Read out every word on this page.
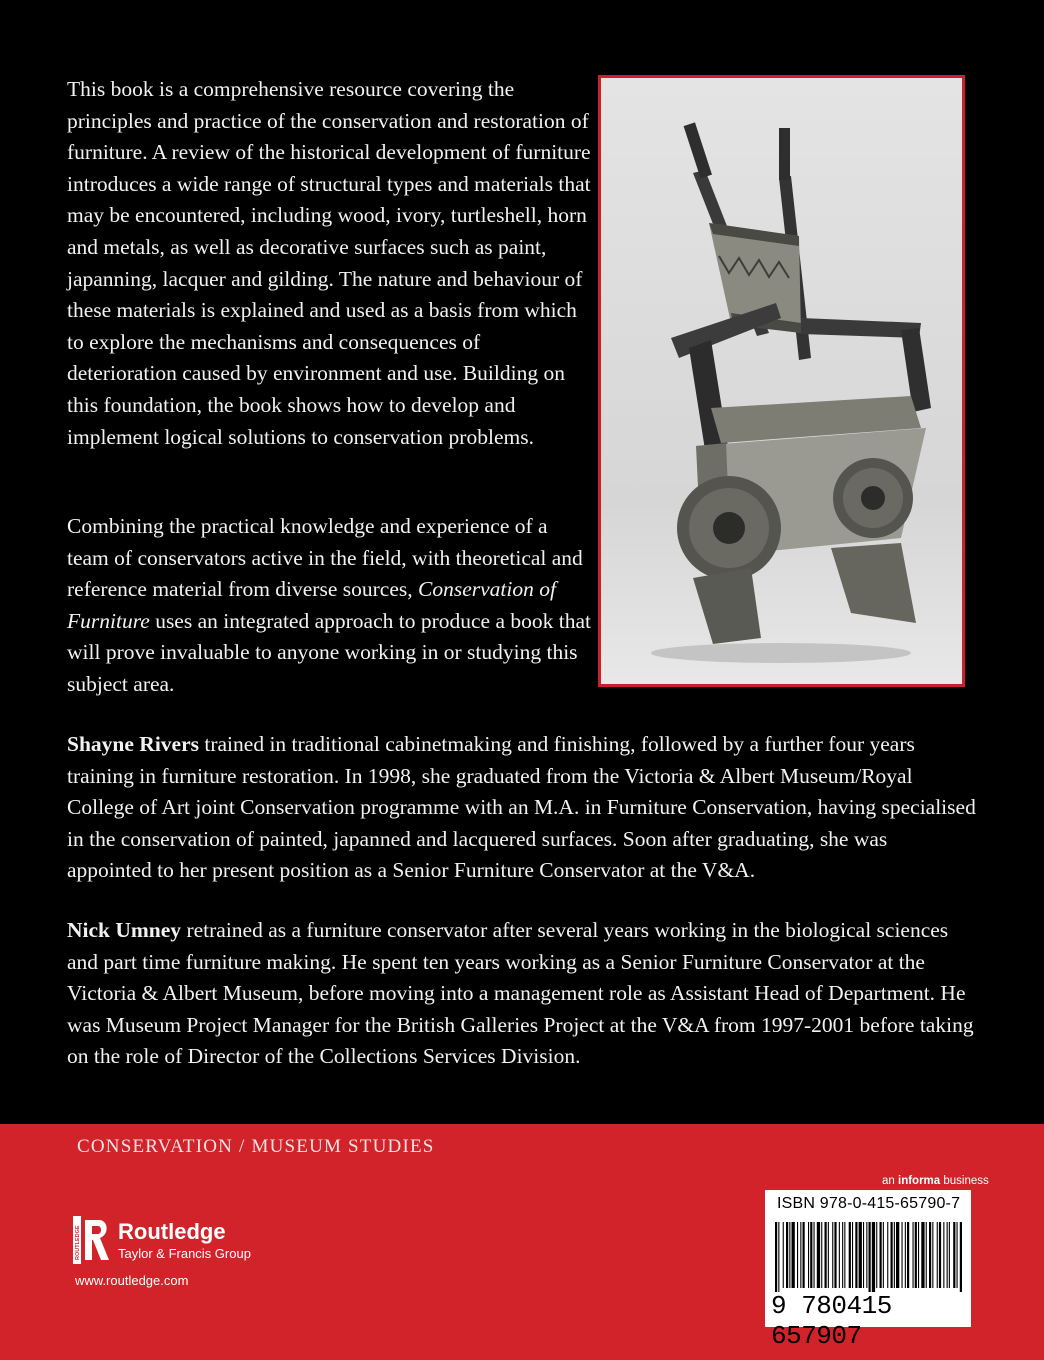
This book is a comprehensive resource covering the principles and practice of the conservation and restoration of furniture. A review of the historical development of furniture introduces a wide range of structural types and materials that may be encountered, including wood, ivory, turtleshell, horn and metals, as well as decorative surfaces such as paint, japanning, lacquer and gilding. The nature and behaviour of these materials is explained and used as a basis from which to explore the mechanisms and consequences of deterioration caused by environment and use. Building on this foundation, the book shows how to develop and implement logical solutions to conservation problems.

Combining the practical knowledge and experience of a team of conservators active in the field, with theoretical and reference material from diverse sources, Conservation of Furniture uses an integrated approach to produce a book that will prove invaluable to anyone working in or studying this subject area.

Shayne Rivers trained in traditional cabinetmaking and finishing, followed by a further four years training in furniture restoration. In 1998, she graduated from the Victoria & Albert Museum/Royal College of Art joint Conservation programme with an M.A. in Furniture Conservation, having specialised in the conservation of painted, japanned and lacquered surfaces. Soon after graduating, she was appointed to her present position as a Senior Furniture Conservator at the V&A.

Nick Umney retrained as a furniture conservator after several years working in the biological sciences and part time furniture making. He spent ten years working as a Senior Furniture Conservator at the Victoria & Albert Museum, before moving into a management role as Assistant Head of Department. He was Museum Project Manager for the British Galleries Project at the V&A from 1997-2001 before taking on the role of Director of the Collections Services Division.

CONSERVATION / MUSEUM STUDIES
ROUTLEDGE Routledge
Taylor & Francis Group
www.routledge.com
an informa business
ISBN 978-0-415-65790-7
9 780415 657907
